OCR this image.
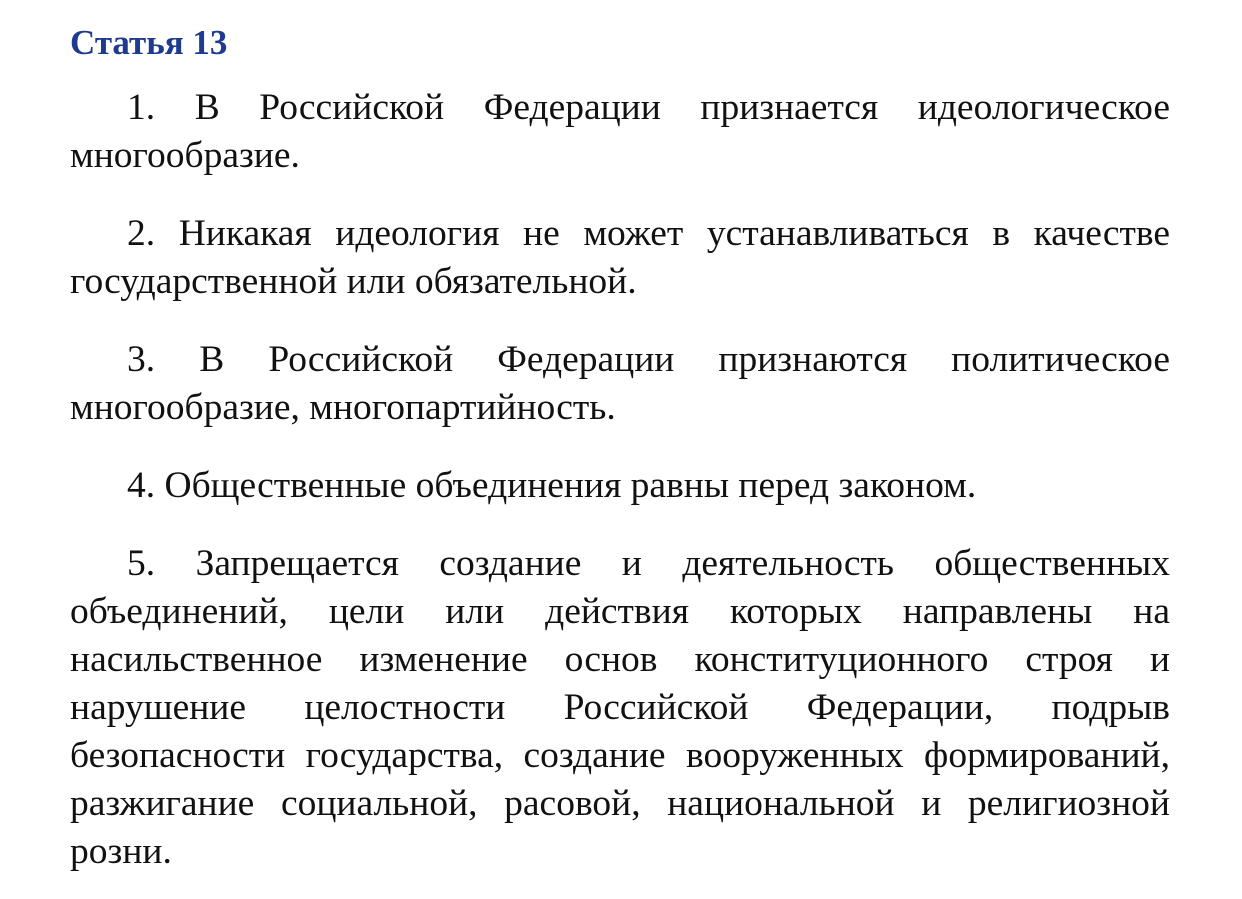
Статья 13

1. В Российской Федерации признается идеологическое многообразие.

2. Никакая идеология не может устанавливаться в качестве государственной или обязательной.

3. В Российской Федерации признаются политическое многообразие, многопартийность.

4. Общественные объединения равны перед законом.

5. Запрещается создание и деятельность общественных объединений, цели или действия которых направлены на насильственное изменение основ конституционного строя и нарушение целостности Российской Федерации, подрыв безопасности государства, создание вооруженных формирований, разжигание социальной, расовой, национальной и религиозной розни.
